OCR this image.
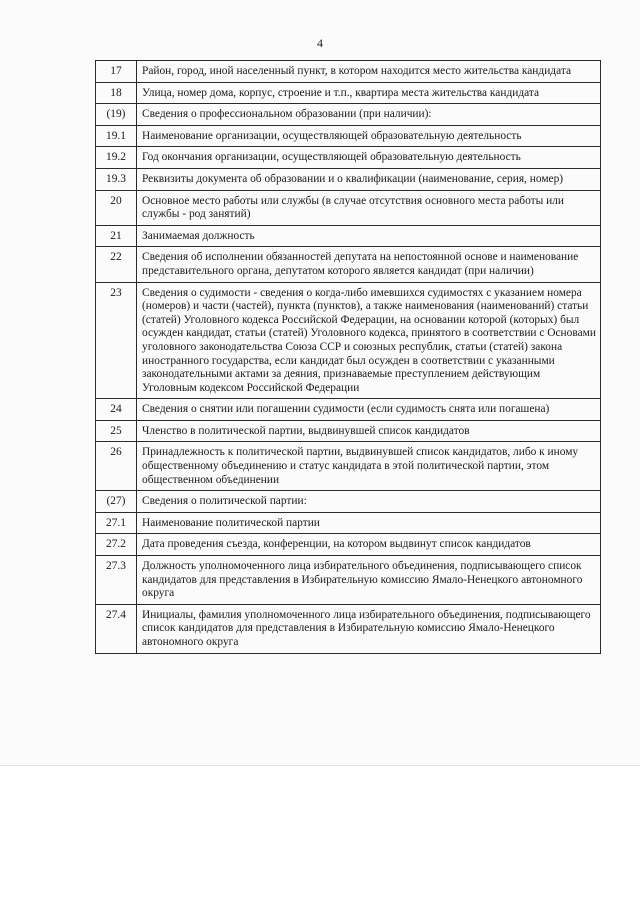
4
17	Район, город, иной населенный пункт, в котором находится место жительства кандидата
18	Улица, номер дома, корпус, строение и т.п., квартира места жительства кандидата
(19)	Сведения о профессиональном образовании (при наличии):
19.1	Наименование организации, осуществляющей образовательную деятельность
19.2	Год окончания организации, осуществляющей образовательную деятельность
19.3	Реквизиты документа об образовании и о квалификации (наименование, серия, номер)
20	Основное место работы или службы (в случае отсутствия основного места работы или службы - род занятий)
21	Занимаемая должность
22	Сведения об исполнении обязанностей депутата на непостоянной основе и наименование представительного органа, депутатом которого является кандидат (при наличии)
23	Сведения о судимости - сведения о когда-либо имевшихся судимостях с указанием номера (номеров) и части (частей), пункта (пунктов), а также наименования (наименований) статьи (статей) Уголовного кодекса Российской Федерации, на основании которой (которых) был осужден кандидат, статьи (статей) Уголовного кодекса, принятого в соответствии с Основами уголовного законодательства Союза ССР и союзных республик, статьи (статей) закона иностранного государства, если кандидат был осужден в соответствии с указанными законодательными актами за деяния, признаваемые преступлением действующим Уголовным кодексом Российской Федерации
24	Сведения о снятии или погашении судимости (если судимость снята или погашена)
25	Членство в политической партии, выдвинувшей список кандидатов
26	Принадлежность к политической партии, выдвинувшей список кандидатов, либо к иному общественному объединению и статус кандидата в этой политической партии, этом общественном объединении
(27)	Сведения о политической партии:
27.1	Наименование политической партии
27.2	Дата проведения съезда, конференции, на котором выдвинут список кандидатов
27.3	Должность уполномоченного лица избирательного объединения, подписывающего список кандидатов для представления в Избирательную комиссию Ямало-Ненецкого автономного округа
27.4	Инициалы, фамилия уполномоченного лица избирательного объединения, подписывающего список кандидатов для представления в Избирательную комиссию Ямало-Ненецкого автономного округа
